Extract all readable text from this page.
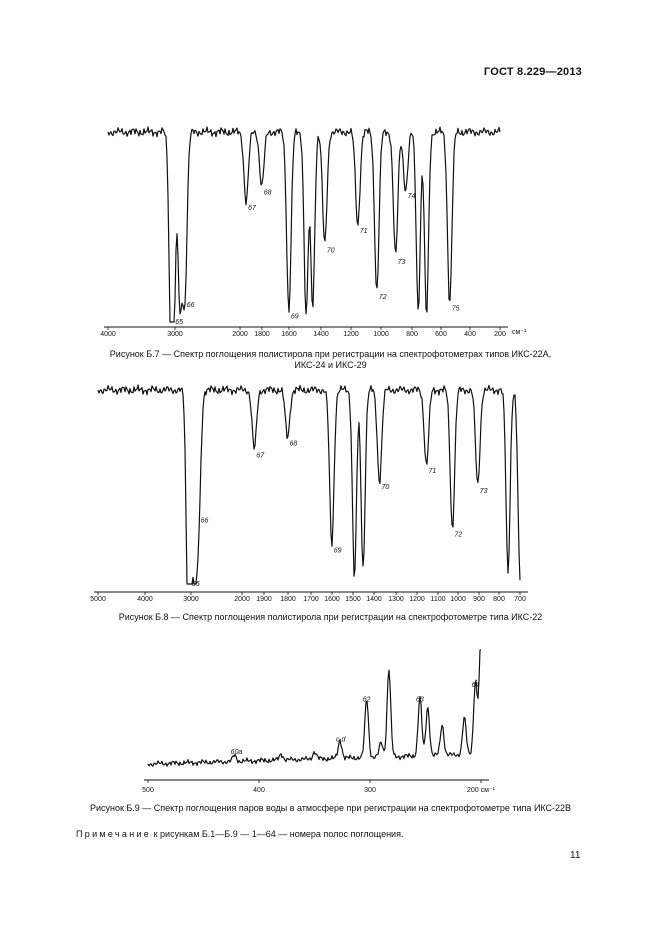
ГОСТ 8.229—2013
4000	3000	2000 1800 1600 1400 1200 1000 800 600 400	200 см⁻¹
65
66
67
68
69
70
71
72
73
74
75
Рисунок Б.7 — Спектр поглощения полистирола при регистрации на спектрофотометрах типов ИКС-22А,
ИКС-24 и ИКС-29
5000	4000	3000	2000 1900 1800 1700 1600 1500 1400 1300 1200 1100 1000 900 800 700
65
66
67
68
69
70
71
72
73
Рисунок Б.8 — Спектр поглощения полистирола при регистрации на спектрофотометре типа ИКС-22
500	400	300	200 см⁻¹
60a
c,d
62	63
64
Рисунок Б.9 — Спектр поглощения паров воды в атмосфере при регистрации на спектрофотометре типа ИКС-22В
Примечание к рисункам Б.1—Б.9 — 1—64 — номера полос поглощения.
11
